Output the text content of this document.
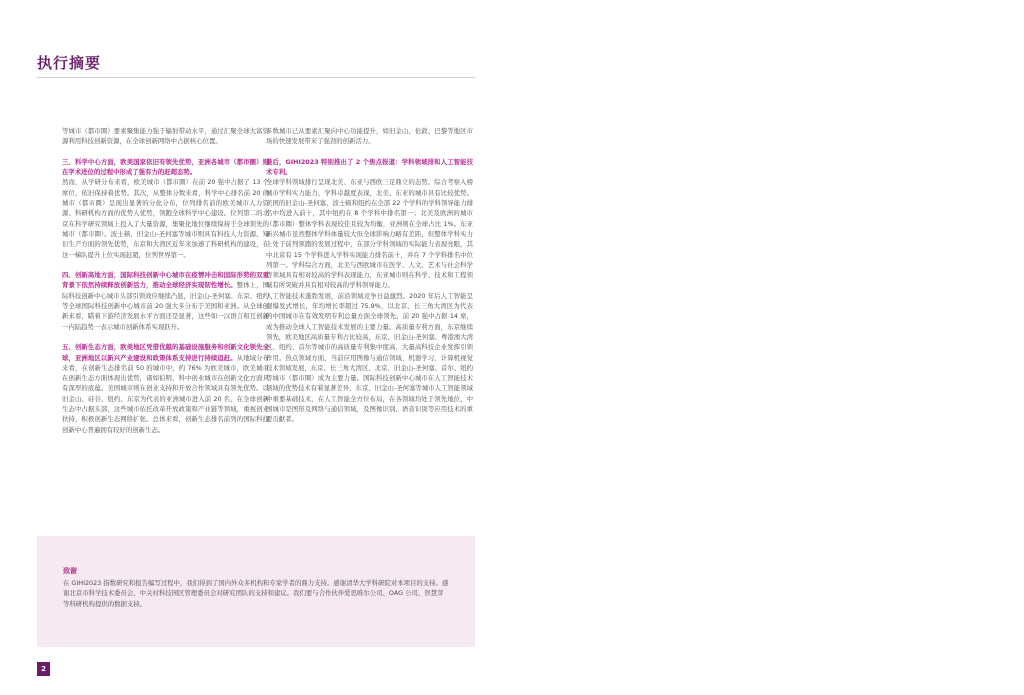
执行摘要

等城市（都市圈）要素聚集能力强于辐射带动水平，通过汇聚全球大富资源利用科技创新资源，在全球创新网络中占据核心位置。

三、科学中心方面，欧美国家依旧有领先优势，亚洲各城市（都市圈）则在学术进位的过程中形成了强有力的赶超态势。

然而，从学研分布来看，欧美城市（都市圈）在前 20 强中占据了 13 个席位，依旧保持着优势。其次，从整体分数来看，科学中心排名前 20 的城市（都市圈）呈现出显著的分化分布，位列排名前的欧美城市人力资源、科研机构方面的优势人优势，领跑全球科学中心建设。位列第二的北京在科学研究领域上投入了大量资源，集聚化地位继续保持于全球领先的城市（都市圈）。波士顿、旧金山-圣何塞等城市则具有科技人力资源、知识生产方面的领先优势，东京和大湾区近年来加速了科研机构的建设，在这一梯队提升上位实现赶超，位列世界第一。

四、创新高地方面，国际科技创新中心城市在疫情冲击和国际形势的双重背景下依然持续释放创新活力，推动全球经济实现韧性增长。整体上，国际科技创新中心城市头部引领效应继续凸显，旧金山-圣何塞、东京、纽约等全球国际科技创新中心城市前 20 强大多分布于美国和亚洲。从全球创新来看，瞄着下游经济发展水平方面还是显著，这些如一汉语言和互创新一内陆趋势一表示城市创新体系实现跃升。

五、创新生态方面，欧美地区凭借优越的基础设施服务和创新文化领先全球，亚洲地区以新兴产业建设和政策体系支持进行持续追赶。从地域分布来看，在创新生态排名前 50 的城市中，约 76% 为欧美城市，欧美城市在创新生态方面体现出优势，诸如伯明、科中创业城市在创新文化方面具有深厚的底蕴。美国城市则在创业支持和开放合作领域具有领先优势。以旧金山、硅谷、纽约、东京为代表的亚洲城市进入前 20 名，在全球创新生态中占据头部，这些城市依托改革开放政策和产业链等领域，重视创业扶持，积极创新生态网络扩张。总体来看，创新生态排名前列的国际科技创新中心普遍拥有较好的创新生态。

多数城市已从要素汇聚向中心功能提升，如旧金山、伦敦、巴黎等地区市场的快速发展带来了强劲的创新活力。

最后，GIHI2023 特别推出了 2 个焦点报道：学科领域排和人工智能技术专利。

全球学科领域排行呈现北美、东亚与西欧三足鼎立的态势。综合考察入榜城市学科实力能力、学科卓越度表现，北美、东亚的城市具有比较优势。美国的旧金山-圣何塞、波士顿和纽约在全部 22 个学科的学科领导能力排名中均进入前十，其中纽约在 8 个学科中排名第一；北美及欧洲的城市（都市圈）整体学科表现较佳且较为均衡，亚洲则在全球占比 1%。东亚新兴城市虽然整体学科体量较大但全球影响力略有差距，但整体学科实力上处于前列领跑的发展过程中，在部分学科领域的实际能力表现亮眼，其中北京有 15 个学科进入学科实现能力排名前十，并在 7 个学科排名中位列第一。学科综合方面，北美与西欧城市在医学、人文、艺术与社会科学等领域具有相对较高的学科表现能力，东亚城市则在科学、技术和工程领域有所突破并具有相对较高的学科领导能力。

人工智能技术蓬勃发展，前沿领域竞争日益激烈。2020 年后人工智能呈现爆发式增长，年均增长率超过 75.9%，以北京、长三角大湾区为代表的中国城市在有效发明专利总量方面全球领先，前 20 强中占据 14 席，成为推动全球人工智能技术发展的主要力量。高质量专利方面，东京继续领先，欧美地区高质量专利占比较高，东京、旧金山-圣何塞、粤港澳大湾区、纽约、首尔等城市的高质量专利集中度高，大量高科技企业发挥引领作用。热点领域方面，当前应用图像与通信领域、机器学习、计算机视觉技术领域发展，东京、长三角大湾区、北京、旧金山-圣何塞、首尔、纽约等城市（都市圈）成为主要力量。国际科技创新中心城市在人工智能技术领域的优势技术有着显著差异，东京、旧金山-圣何塞等城市人工智能领域中重要基础技术，在人工智能全方位布局，在各领域均处于领先地位，中国城市是图形及网络与通信领域，及图像识别、语音识别等应用技术的重要贡献者。

致谢

在 GIHI2023 指数研究和报告编写过程中，我们得到了国内外众多机构和专家学者的鼎力支持。感谢清华大学科研院对本项目的支持。感谢北京市科学技术委员会、中关村科技园区管理委员会对研究团队的支持和建议。我们要与合作伙伴爱思唯尔公司、OAG 公司、智慧芽等科研机构提供的数据支持。

2
